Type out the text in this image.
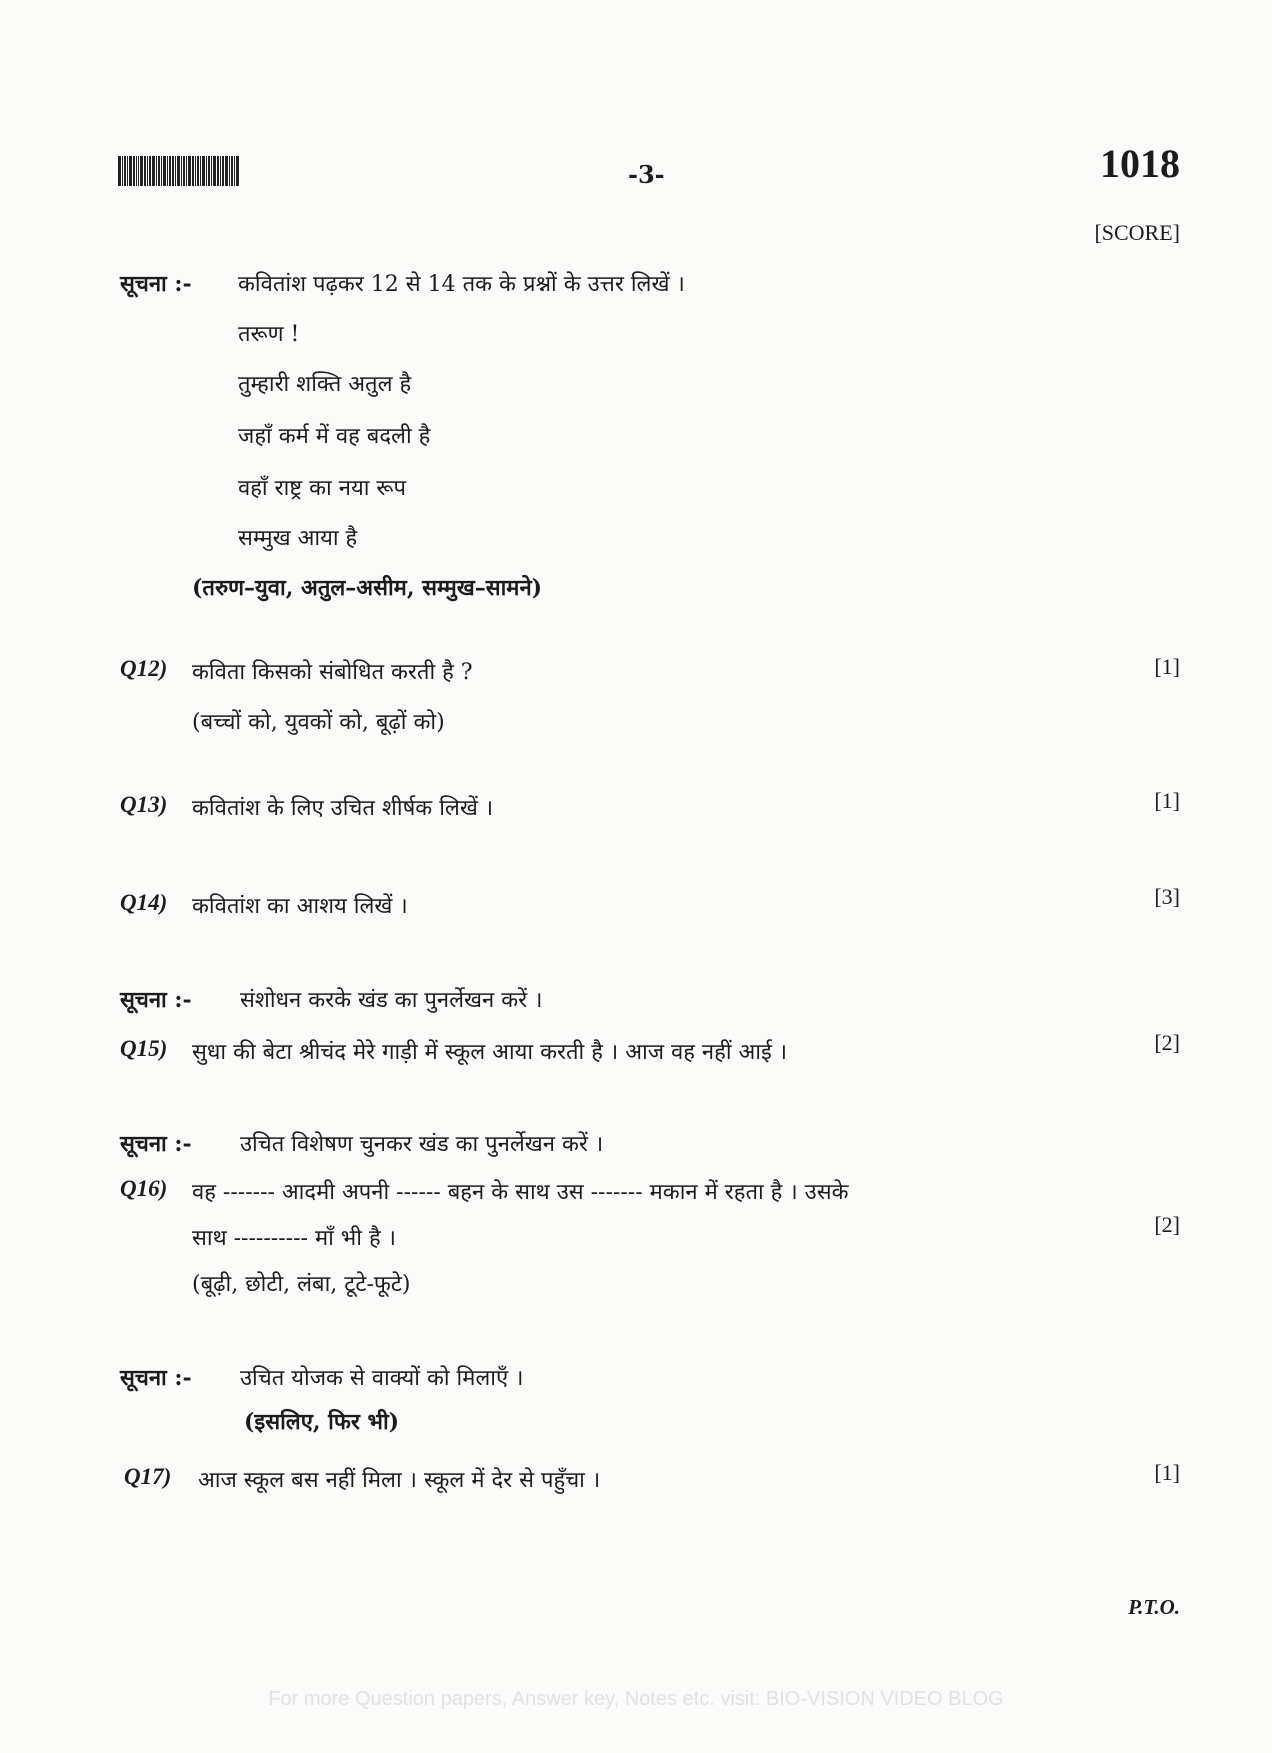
-3-	1018
[SCORE]
सूचना :- कवितांश पढ़कर 12 से 14 तक के प्रश्नों के उत्तर लिखें ।
तरूण !
तुम्हारी शक्ति अतुल है
जहाँ कर्म में वह बदली है
वहाँ राष्ट्र का नया रूप
सम्मुख आया है
(तरुण–युवा, अतुल–असीम, सम्मुख–सामने)
Q12) कविता किसको संबोधित करती है ?
(बच्चों को, युवकों को, बूढ़ों को)
[1]
Q13) कवितांश के लिए उचित शीर्षक लिखें ।	[1]
Q14) कवितांश का आशय लिखें ।	[3]
सूचना :- संशोधन करके खंड का पुनर्लेखन करें ।
Q15) सुधा की बेटा श्रीचंद मेरे गाड़ी में स्कूल आया करती है । आज वह नहीं आई ।	[2]
सूचना :- उचित विशेषण चुनकर खंड का पुनर्लेखन करें ।
Q16) वह ------- आदमी अपनी ------ बहन के साथ उस ------- मकान में रहता है । उसके
साथ ---------- माँ भी है ।
(बूढ़ी, छोटी, लंबा, टूटे-फूटे)
[2]
सूचना :- उचित योजक से वाक्यों को मिलाएँ ।
(इसलिए, फिर भी)
Q17) आज स्कूल बस नहीं मिला । स्कूल में देर से पहुँचा ।	[1]
P.T.O.
For more Question papers, Answer key, Notes etc. visit: BIO-VISION VIDEO BLOG
